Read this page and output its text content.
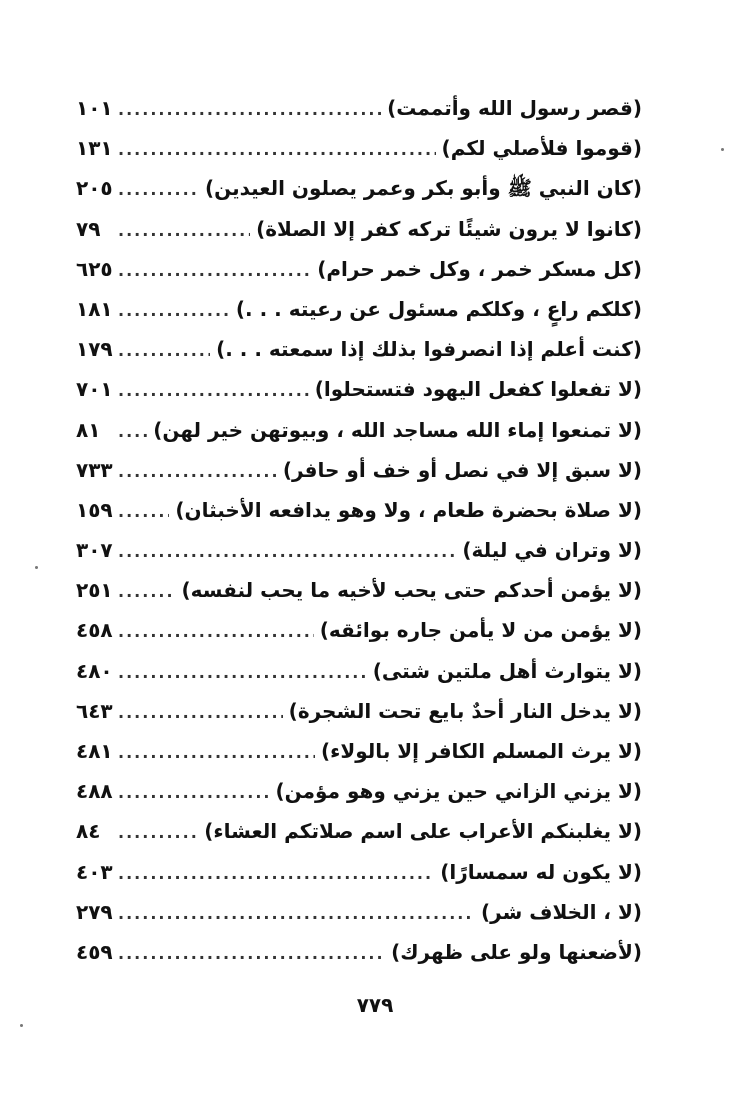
(قصر رسول الله وأتممت)
.....
١٠١
(قوموا فلأصلي لكم)
.....
١٣١
(كان النبي ﷺ وأبو بكر وعمر يصلون العيدين)
.....
٢٠٥
(كانوا لا يرون شيئًا تركه كفر إلا الصلاة)
.....
٧٩
(كل مسكر خمر ، وكل خمر حرام)
.....
٦٢٥
(كلكم راعٍ ، وكلكم مسئول عن رعيته . . .)
.....
١٨١
(كنت أعلم إذا انصرفوا بذلك إذا سمعته . . .)
.....
١٧٩
(لا تفعلوا كفعل اليهود فتستحلوا)
.....
٧٠١
(لا تمنعوا إماء الله مساجد الله ، وبيوتهن خير لهن)
.....
٨١
(لا سبق إلا في نصل أو خف أو حافر)
.....
٧٣٣
(لا صلاة بحضرة طعام ، ولا وهو يدافعه الأخبثان)
.....
١٥٩
(لا وتران في ليلة)
.....
٣٠٧
(لا يؤمن أحدكم حتى يحب لأخيه ما يحب لنفسه)
.....
٢٥١
(لا يؤمن من لا يأمن جاره بوائقه)
.....
٤٥٨
(لا يتوارث أهل ملتين شتى)
.....
٤٨٠
(لا يدخل النار أحدٌ بايع تحت الشجرة)
.....
٦٤٣
(لا يرث المسلم الكافر إلا بالولاء)
.....
٤٨١
(لا يزني الزاني حين يزني وهو مؤمن)
.....
٤٨٨
(لا يغلبنكم الأعراب على اسم صلاتكم العشاء)
.....
٨٤
(لا يكون له سمسارًا)
.....
٤٠٣
(لا ، الخلاف شر)
.....
٢٧٩
(لأضعنها ولو على ظهرك)
.....
٤٥٩
٧٧٩
